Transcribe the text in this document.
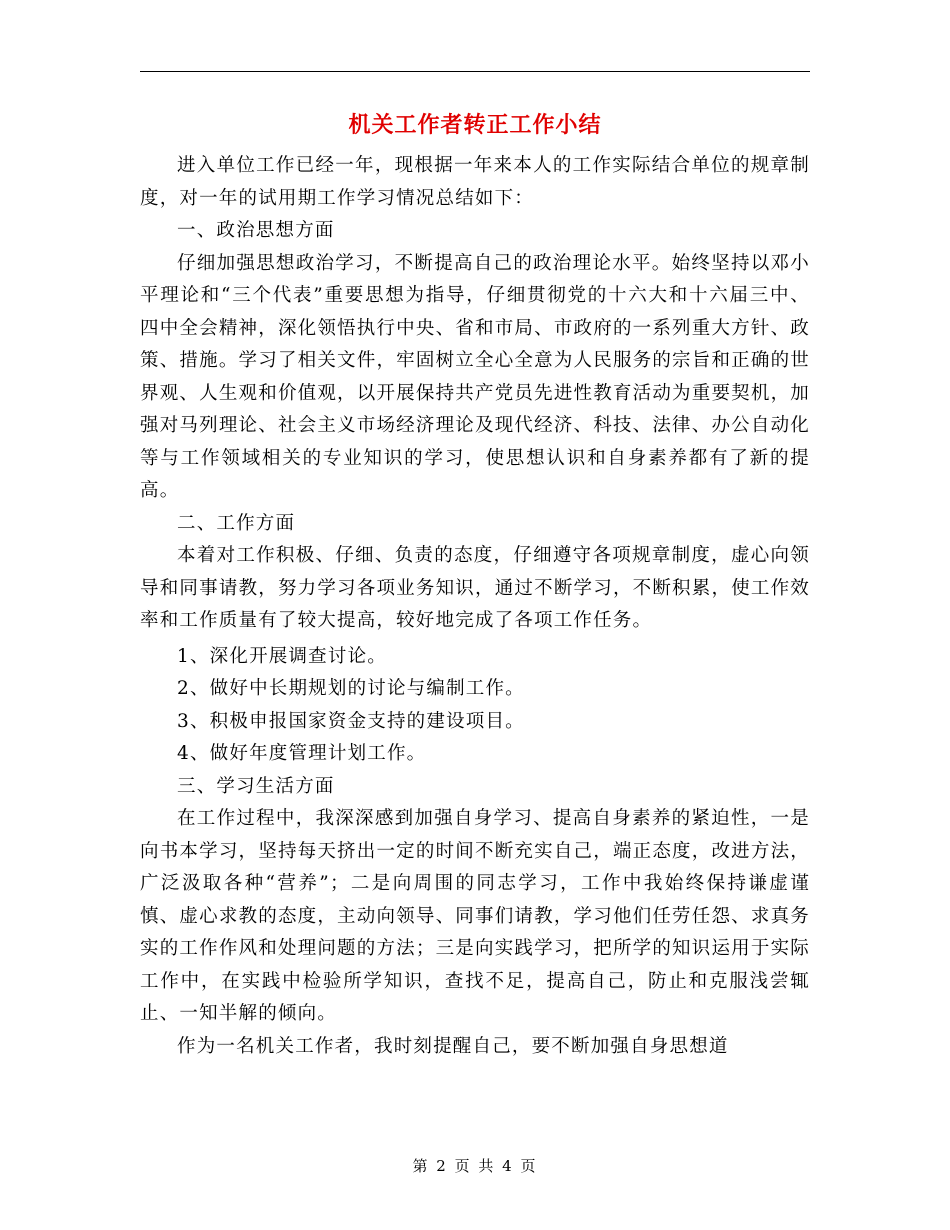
机关工作者转正工作小结

进入单位工作已经一年，现根据一年来本人的工作实际结合单位的规章制度，对一年的试用期工作学习情况总结如下：

一、政治思想方面

仔细加强思想政治学习，不断提高自己的政治理论水平。始终坚持以邓小平理论和“三个代表”重要思想为指导，仔细贯彻党的十六大和十六届三中、四中全会精神，深化领悟执行中央、省和市局、市政府的一系列重大方针、政策、措施。学习了相关文件，牢固树立全心全意为人民服务的宗旨和正确的世界观、人生观和价值观，以开展保持共产党员先进性教育活动为重要契机，加强对马列理论、社会主义市场经济理论及现代经济、科技、法律、办公自动化等与工作领域相关的专业知识的学习，使思想认识和自身素养都有了新的提高。

二、工作方面

本着对工作积极、仔细、负责的态度，仔细遵守各项规章制度，虚心向领导和同事请教，努力学习各项业务知识，通过不断学习，不断积累，使工作效率和工作质量有了较大提高，较好地完成了各项工作任务。

1、深化开展调查讨论。

2、做好中长期规划的讨论与编制工作。

3、积极申报国家资金支持的建设项目。

4、做好年度管理计划工作。

三、学习生活方面

在工作过程中，我深深感到加强自身学习、提高自身素养的紧迫性，一是向书本学习，坚持每天挤出一定的时间不断充实自己，端正态度，改进方法，广泛汲取各种“营养”；二是向周围的同志学习，工作中我始终保持谦虚谨慎、虚心求教的态度，主动向领导、同事们请教，学习他们任劳任怨、求真务实的工作作风和处理问题的方法；三是向实践学习，把所学的知识运用于实际工作中，在实践中检验所学知识，查找不足，提高自己，防止和克服浅尝辄止、一知半解的倾向。

作为一名机关工作者，我时刻提醒自己，要不断加强自身思想道

第 2 页 共 4 页
